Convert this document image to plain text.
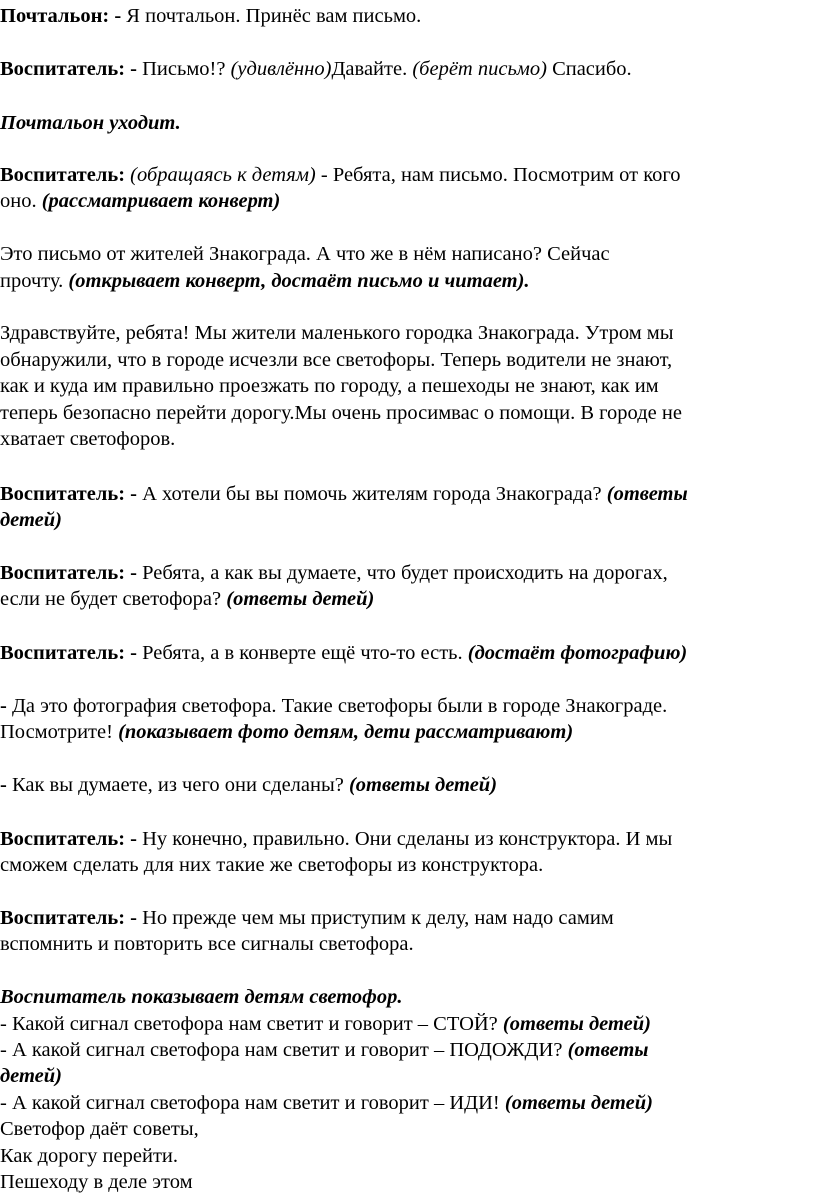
Почтальон: - Я почтальон. Принёс вам письмо.
Воспитатель: - Письмо!? (удивлённо)Давайте. (берёт письмо) Спасибо.
Почтальон уходит.
Воспитатель: (обращаясь к детям) - Ребята, нам письмо. Посмотрим от кого
оно. (рассматривает конверт)
Это письмо от жителей Знакограда. А что же в нём написано? Сейчас
прочту. (открывает конверт, достаёт письмо и читает).
Здравствуйте, ребята! Мы жители маленького городка Знакограда. Утром мы
обнаружили, что в городе исчезли все светофоры. Теперь водители не знают,
как и куда им правильно проезжать по городу, а пешеходы не знают, как им
теперь безопасно перейти дорогу.Мы очень просимвас о помощи. В городе не
хватает светофоров.
Воспитатель: - А хотели бы вы помочь жителям города Знакограда? (ответы
детей)
Воспитатель: - Ребята, а как вы думаете, что будет происходить на дорогах,
если не будет светофора? (ответы детей)
Воспитатель: - Ребята, а в конверте ещё что-то есть. (достаёт фотографию)
- Да это фотография светофора. Такие светофоры были в городе Знакограде.
Посмотрите! (показывает фото детям, дети рассматривают)
- Как вы думаете, из чего они сделаны? (ответы детей)
Воспитатель: - Ну конечно, правильно. Они сделаны из конструктора. И мы
сможем сделать для них такие же светофоры из конструктора.
Воспитатель: - Но прежде чем мы приступим к делу, нам надо самим
вспомнить и повторить все сигналы светофора.
Воспитатель показывает детям светофор.
- Какой сигнал светофора нам светит и говорит – СТОЙ? (ответы детей)
- А какой сигнал светофора нам светит и говорит – ПОДОЖДИ? (ответы
детей)
- А какой сигнал светофора нам светит и говорит – ИДИ! (ответы детей)
Светофор даёт советы,
Как дорогу перейти.
Пешеходу в деле этом
